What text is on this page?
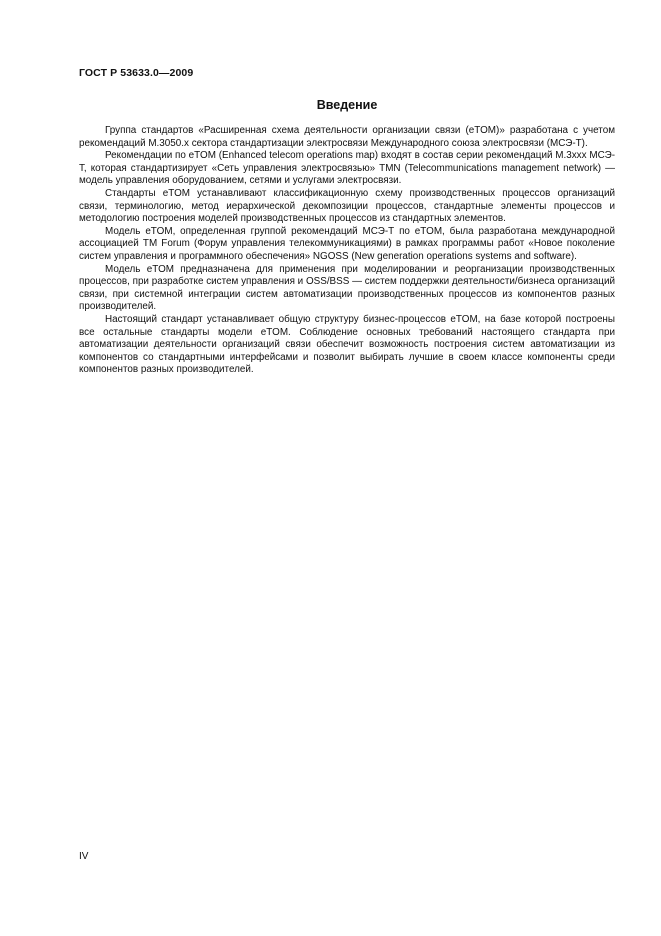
ГОСТ Р 53633.0—2009
Введение

Группа стандартов «Расширенная схема деятельности организации связи (eTOM)» разработана с учетом рекомендаций M.3050.x сектора стандартизации электросвязи Международного союза электросвязи (МСЭ-Т).

Рекомендации по eTOM (Enhanced telecom operations map) входят в состав серии рекомендаций M.3xxx МСЭ-Т, которая стандартизирует «Сеть управления электросвязью» TMN (Telecommunications management network) — модель управления оборудованием, сетями и услугами электросвязи.

Стандарты eTOM устанавливают классификационную схему производственных процессов организаций связи, терминологию, метод иерархической декомпозиции процессов, стандартные элементы процессов и методологию построения моделей производственных процессов из стандартных элементов.

Модель eTOM, определенная группой рекомендаций МСЭ-Т по eTOM, была разработана международной ассоциацией TM Forum (Форум управления телекоммуникациями) в рамках программы работ «Новое поколение систем управления и программного обеспечения» NGOSS (New generation operations systems and software).

Модель eTOM предназначена для применения при моделировании и реорганизации производственных процессов, при разработке систем управления и OSS/BSS — систем поддержки деятельности/бизнеса организаций связи, при системной интеграции систем автоматизации производственных процессов из компонентов разных производителей.

Настоящий стандарт устанавливает общую структуру бизнес-процессов eTOM, на базе которой построены все остальные стандарты модели eTOM. Соблюдение основных требований настоящего стандарта при автоматизации деятельности организаций связи обеспечит возможность построения систем автоматизации из компонентов со стандартными интерфейсами и позволит выбирать лучшие в своем классе компоненты среди компонентов разных производителей.

IV
